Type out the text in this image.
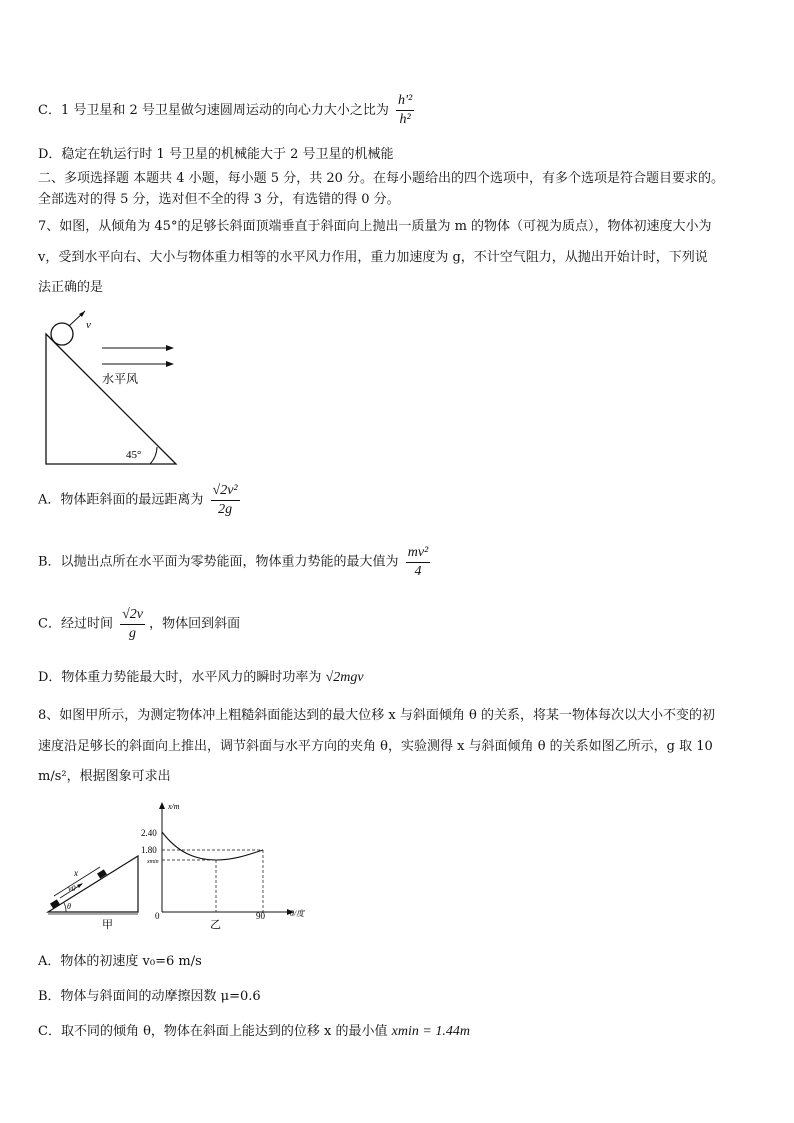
C．1 号卫星和 2 号卫星做匀速圆周运动的向心力大小之比为 $\frac{\text{h'²}}{\text{h²}}$
D．稳定在轨运行时 1 号卫星的机械能大于 2 号卫星的机械能
二、多项选择题 本题共 4 小题，每小题 5 分，共 20 分。在每小题给出的四个选项中，有多个选项是符合题目要求的。
全部选对的得 5 分，选对但不全的得 3 分，有选错的得 0 分。
7、如图，从倾角为 45°的足够长斜面顶端垂直于斜面向上抛出一质量为 m 的物体（可视为质点），物体初速度大小为
v，受到水平向右、大小与物体重力相等的水平风力作用，重力加速度为 g，不计空气阻力，从抛出开始计时，下列说
法正确的是
v
水平风
45°
A．物体距斜面的最远距离为 $\frac{\text{√2v²}}{2g}$
B．以抛出点所在水平面为零势能面，物体重力势能的最大值为 $\frac{\text{mv²}}{4}$
C．经过时间 $\frac{√2v}{g}$ ，物体回到斜面
D．物体重力势能最大时，水平风力的瞬时功率为 √2mgv
8、如图甲所示，为测定物体冲上粗糙斜面能达到的最大位移 x 与斜面倾角 θ 的关系，将某一物体每次以大小不变的初
速度沿足够长的斜面向上推出，调节斜面与水平方向的夹角 θ，实验测得 x 与斜面倾角 θ 的关系如图乙所示，g 取 10
m/s²，根据图象可求出
v0
x
θ
甲
x/m
θ/度
2.40
1.80
xmin
0	90
乙
A．物体的初速度 v₀=6 m/s
B．物体与斜面间的动摩擦因数 μ=0.6
C．取不同的倾角 θ，物体在斜面上能达到的位移 x 的最小值 xmin = 1.44m
